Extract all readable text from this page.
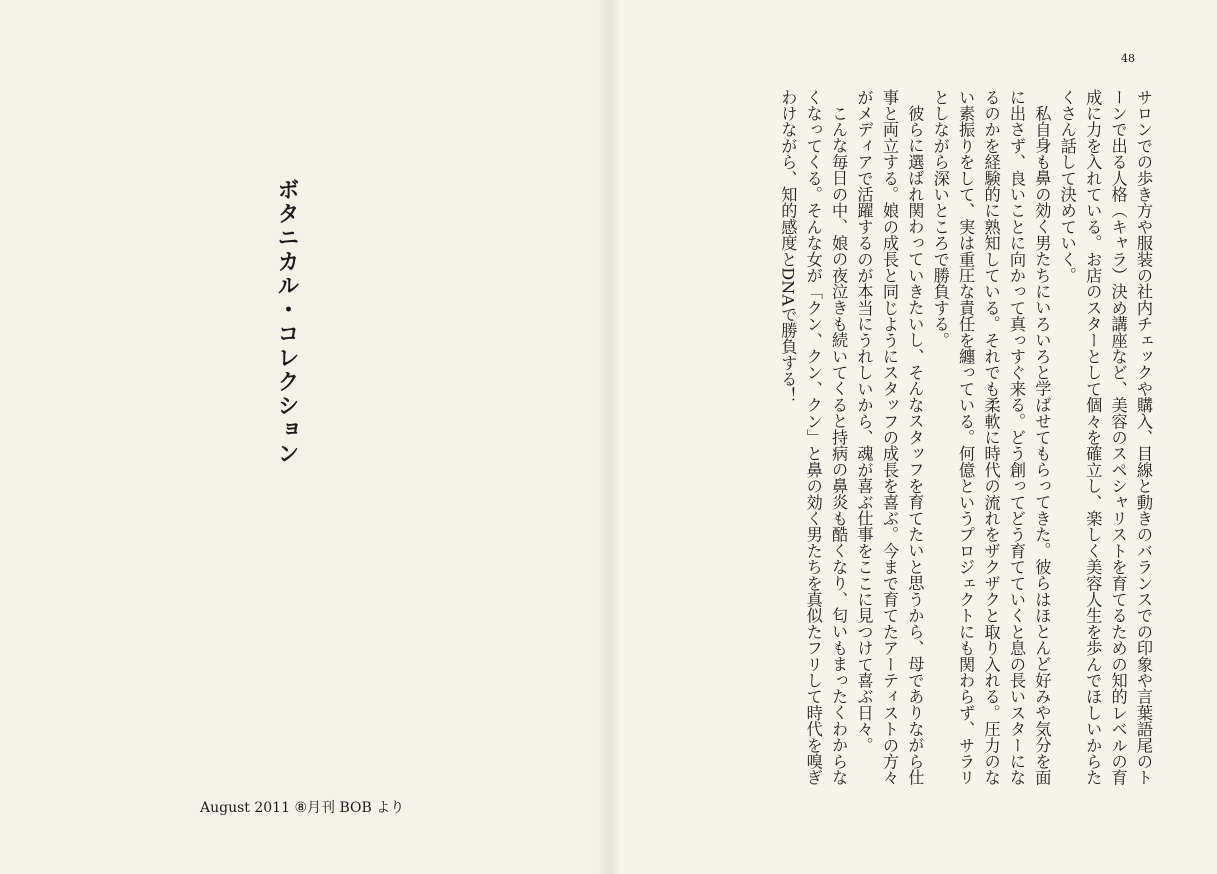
ボタニカル・コレクション
August 2011 ⑧月刊 BOB より
48

サロンでの歩き方や服装の社内チェックや購入、目線と動きのバランスでの印象や言葉語尾のトーンで出る人格（キャラ）決め講座など、美容のスペシャリストを育てるための知的レベルの育成に力を入れている。お店のスターとして個々を確立し、楽しく美容人生を歩んでほしいからたくさん話して決めていく。

私自身も鼻の効く男たちにいろいろと学ばせてもらってきた。彼らはほとんど好みや気分を面に出さず、良いことに向かって真っすぐ来る。どう創ってどう育てていくと息の長いスターになるのかを経験的に熟知している。それでも柔軟に時代の流れをザクザクと取り入れる。圧力のない素振りをして、実は重圧な責任を纏っている。何億というプロジェクトにも関わらず、サラリとしながら深いところで勝負する。

彼らに選ばれ関わっていきたいし、そんなスタッフを育てたいと思うから、母でありながら仕事と両立する。娘の成長と同じようにスタッフの成長を喜ぶ。今まで育てたアーティストの方々がメディアで活躍するのが本当にうれしいから、魂が喜ぶ仕事をここに見つけて喜ぶ日々。

こんな毎日の中、娘の夜泣きも続いてくると持病の鼻炎も酷くなり、匂いもまったくわからなくなってくる。そんな女が「クン、クン、クン」と鼻の効く男たちを真似たフリして時代を嗅ぎわけながら、知的感度とDNAで勝負する！
